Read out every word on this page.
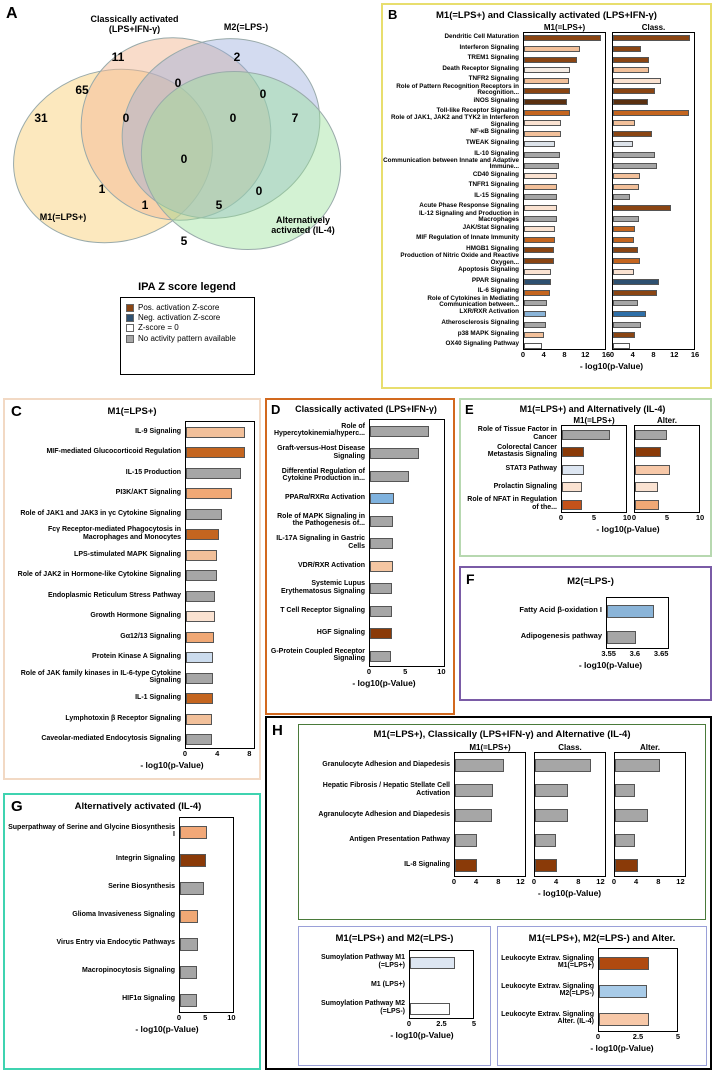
A
11	2
0
65	0
31	0	0	7
0
1	0
1	5
5
Classically activated
(LPS+IFN-γ)	M2(=LPS-)
Alternatively
activated (IL-4)
M1(=LPS+)
IPA Z score legend
Pos. activation Z-score
Neg. activation Z-score
Z-score = 0
No activity pattern available
B	M1(=LPS+) and Classically activated (LPS+IFN-γ)
M1(=LPS+)	Class.
Dendritic Cell Maturation
Interferon Signaling
TREM1 Signaling
Death Receptor Signaling
TNFR2 Signaling
Role of Pattern Recognition Receptors in Recognition...
iNOS Signaling
Toll-like Receptor Signaling
Role of JAK1, JAK2 and TYK2 in Interferon Signaling
NF-κB Signaling
TWEAK Signaling
IL-10 Signaling
Communication between Innate and Adaptive Immune...
CD40 Signaling
TNFR1 Signaling
IL-15 Signaling
Acute Phase Response Signaling
IL-12 Signaling and Production in Macrophages
JAK/Stat Signaling
MIF Regulation of Innate Immunity
HMGB1 Signaling
Production of Nitric Oxide and Reactive Oxygen...
Apoptosis Signaling
PPAR Signaling
IL-6 Signaling
Role of Cytokines in Mediating Communication between...
LXR/RXR Activation
Atherosclerosis Signaling
p38 MAPK Signaling
OX40 Signaling Pathway
0 4 8 12 16 0 4 8 12 16
- log10(p-Value)
C	M1(=LPS+)
IL-9 Signaling
MIF-mediated Glucocorticoid Regulation
IL-15 Production
PI3K/AKT Signaling
Role of JAK1 and JAK3 in γc Cytokine Signaling
Fcγ Receptor-mediated Phagocytosis in Macrophages and Monocytes
LPS-stimulated MAPK Signaling
Role of JAK2 in Hormone-like Cytokine Signaling
Endoplasmic Reticulum Stress Pathway
Growth Hormone Signaling
Gα12/13 Signaling
Protein Kinase A Signaling
Role of JAK family kinases in IL-6-type Cytokine Signaling
IL-1 Signaling
Lymphotoxin β Receptor Signaling
Caveolar-mediated Endocytosis Signaling
0	4	8
- log10(p-Value)
D	Classically activated (LPS+IFN-γ)
Role of Hypercytokinemia/hyperc...
Graft-versus-Host Disease Signaling
Differential Regulation of Cytokine Production in...
PPARα/RXRα Activation
Role of MAPK Signaling in the Pathogenesis of...
IL-17A Signaling in Gastric Cells
VDR/RXR Activation
Systemic Lupus Erythematosus Signaling
T Cell Receptor Signaling
HGF Signaling
G-Protein Coupled Receptor Signaling
0	5	10
- log10(p-Value)
E	M1(=LPS+) and Alternatively (IL-4)
M1(=LPS+)	Alter.
Role of Tissue Factor in Cancer
Colorectal Cancer Metastasis Signaling
STAT3 Pathway
Prolactin Signaling
Role of NFAT in Regulation of the...
0	5	10 0	5	10
- log10(p-Value)
F	M2(=LPS-)
Fatty Acid β-oxidation I
Adipogenesis pathway
3.55 3.6 3.65
- log10(p-Value)
G	Alternatively activated (IL-4)
Superpathway of Serine and Glycine Biosynthesis I
Integrin Signaling
Serine Biosynthesis
Glioma Invasiveness Signaling
Virus Entry via Endocytic Pathways
Macropinocytosis Signaling
HIF1α Signaling
0	5	10
- log10(p-Value)
H	M1(=LPS+), Classically (LPS+IFN-γ) and Alternative (IL-4)
M1(=LPS+)	Class.	Alter.
Granulocyte Adhesion and Diapedesis
Hepatic Fibrosis / Hepatic Stellate Cell Activation
Agranulocyte Adhesion and Diapedesis
Antigen Presentation Pathway
IL-8 Signaling
0 4 8 12 0 4 8 12 0 4 8 12
- log10(p-Value)
M1(=LPS+) and M2(=LPS-)
Sumoylation Pathway M1 (=LPS+)
M1 (LPS+)
Sumoylation Pathway M2 (=LPS-)
0	2.5	5
- log10(p-Value)
M1(=LPS+), M2(=LPS-) and Alter.
Leukocyte Extrav. Signaling M1(=LPS+)
Leukocyte Extrav. Signaling M2(=LPS-)
Leukocyte Extrav. Signaling Alter. (IL-4)
0	2.5	5
- log10(p-Value)
